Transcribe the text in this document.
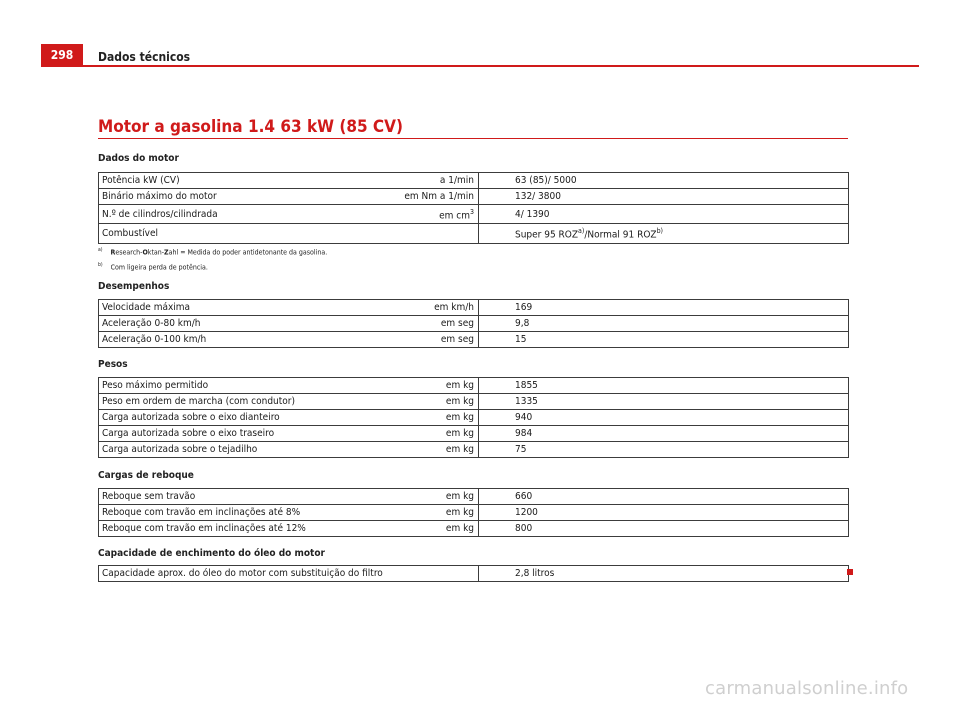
298	Dados técnicos
Motor a gasolina 1.4 63 kW (85 CV)
Dados do motor
Potência kW (CV)	a 1/min	63 (85)/ 5000
Binário máximo do motor	em Nm a 1/min	132/ 3800
N.º de cilindros/cilindrada	em $cm^3$	4/ 1390
Combustível		Super 95 ROZ$^{a)}$/Normal 91 ROZ$^{b)}$
$^{a)}$ Research-Oktan-Zahl = Medida do poder antidetonante da gasolina.
$^{b)}$ Com ligeira perda de potência.
Desempenhos
Velocidade máxima	em km/h	169
Aceleração 0-80 km/h	em seg	9,8
Aceleração 0-100 km/h	em seg	15
Pesos
Peso máximo permitido	em kg	1855
Peso em ordem de marcha (com condutor)	em kg	1335
Carga autorizada sobre o eixo dianteiro	em kg	940
Carga autorizada sobre o eixo traseiro	em kg	984
Carga autorizada sobre o tejadilho	em kg	75
Cargas de reboque
Reboque sem travão	em kg	660
Reboque com travão em inclinações até 8%	em kg	1200
Reboque com travão em inclinações até 12%	em kg	800
Capacidade de enchimento do óleo do motor
Capacidade aprox. do óleo do motor com substituição do filtro	2,8 litros
carmanualsonline.info
